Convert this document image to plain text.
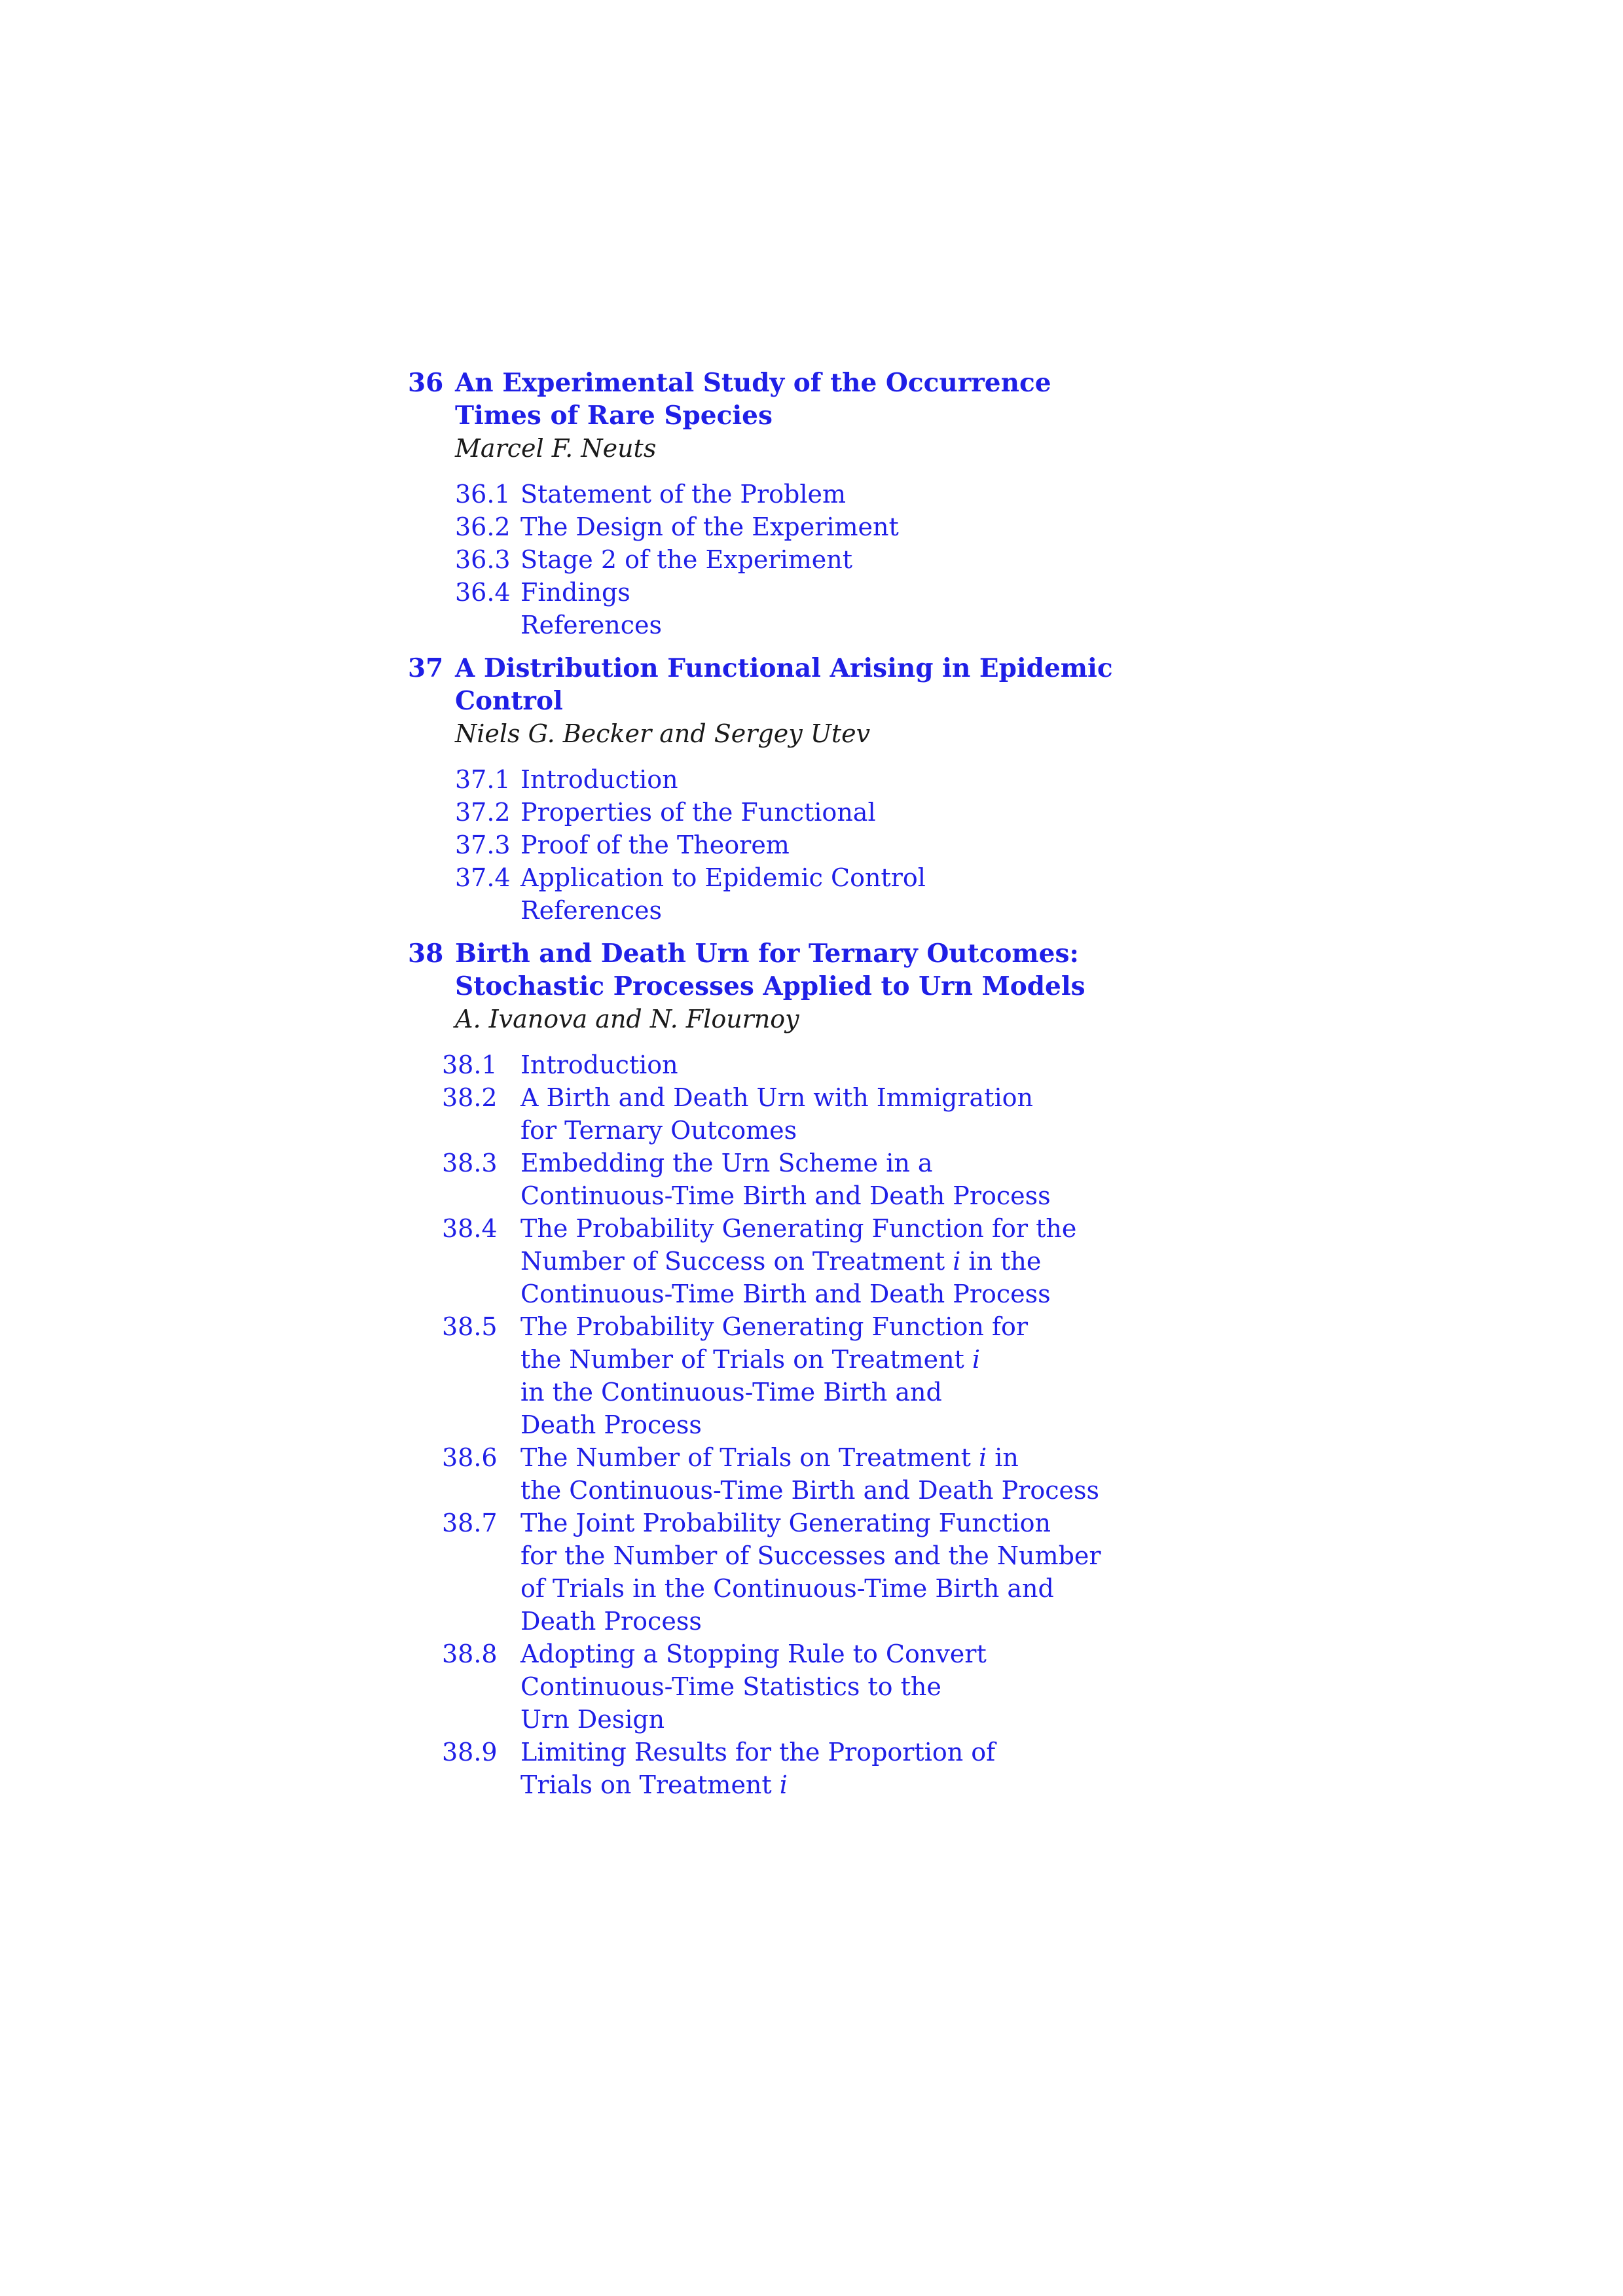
36 An Experimental Study of the Occurrence
Times of Rare Species
Marcel F. Neuts
36.1 Statement of the Problem
36.2 The Design of the Experiment
36.3 Stage 2 of the Experiment
36.4 Findings
References
37 A Distribution Functional Arising in Epidemic
Control
Niels G. Becker and Sergey Utev
37.1 Introduction
37.2 Properties of the Functional
37.3 Proof of the Theorem
37.4 Application to Epidemic Control
References
38 Birth and Death Urn for Ternary Outcomes:
Stochastic Processes Applied to Urn Models
A. Ivanova and N. Flournoy
38.1 Introduction
38.2 A Birth and Death Urn with Immigration
for Ternary Outcomes
38.3 Embedding the Urn Scheme in a
Continuous-Time Birth and Death Process
38.4 The Probability Generating Function for the
Number of Success on Treatment i in the
Continuous-Time Birth and Death Process
38.5 The Probability Generating Function for
the Number of Trials on Treatment i
in the Continuous-Time Birth and
Death Process
38.6 The Number of Trials on Treatment i in
the Continuous-Time Birth and Death Process
38.7 The Joint Probability Generating Function
for the Number of Successes and the Number
of Trials in the Continuous-Time Birth and
Death Process
38.8 Adopting a Stopping Rule to Convert
Continuous-Time Statistics to the
Urn Design
38.9 Limiting Results for the Proportion of
Trials on Treatment i
